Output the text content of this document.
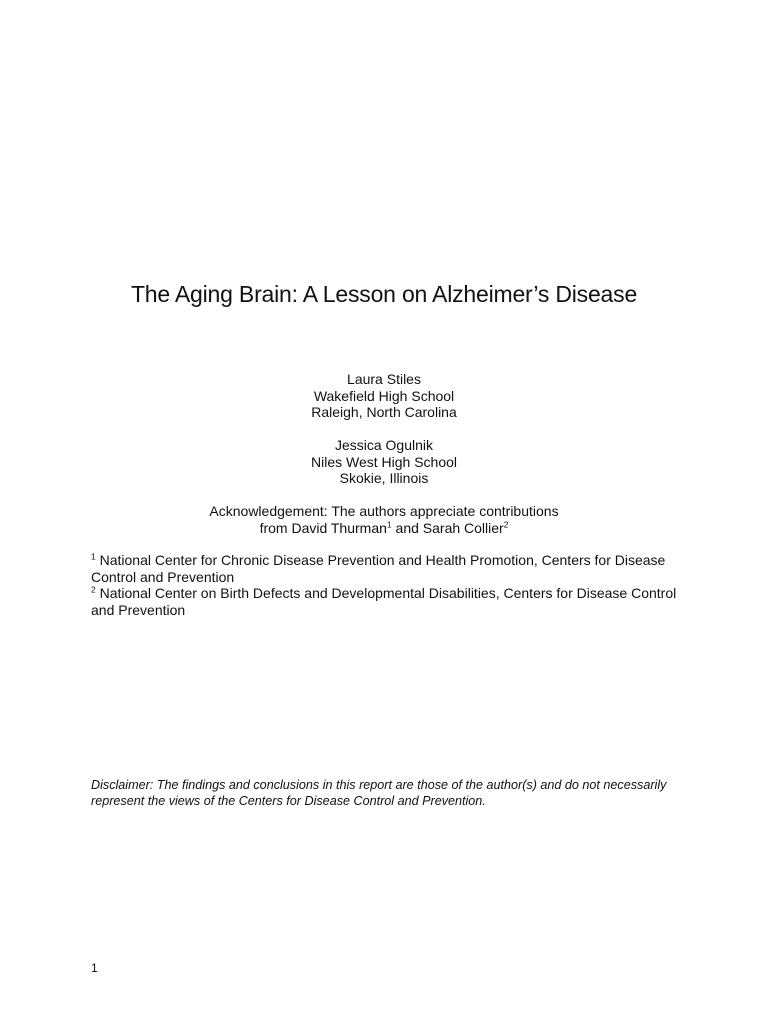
The Aging Brain: A Lesson on Alzheimer’s Disease
Laura Stiles
Wakefield High School
Raleigh, North Carolina
Jessica Ogulnik
Niles West High School
Skokie, Illinois
Acknowledgement: The authors appreciate contributions
from David Thurman$^1$ and Sarah Collier$^2$

$^1$ National Center for Chronic Disease Prevention and Health Promotion, Centers for Disease Control and Prevention

$^2$ National Center on Birth Defects and Developmental Disabilities, Centers for Disease Control and Prevention

Disclaimer: The findings and conclusions in this report are those of the author(s) and do not necessarily represent the views of the Centers for Disease Control and Prevention.

1
